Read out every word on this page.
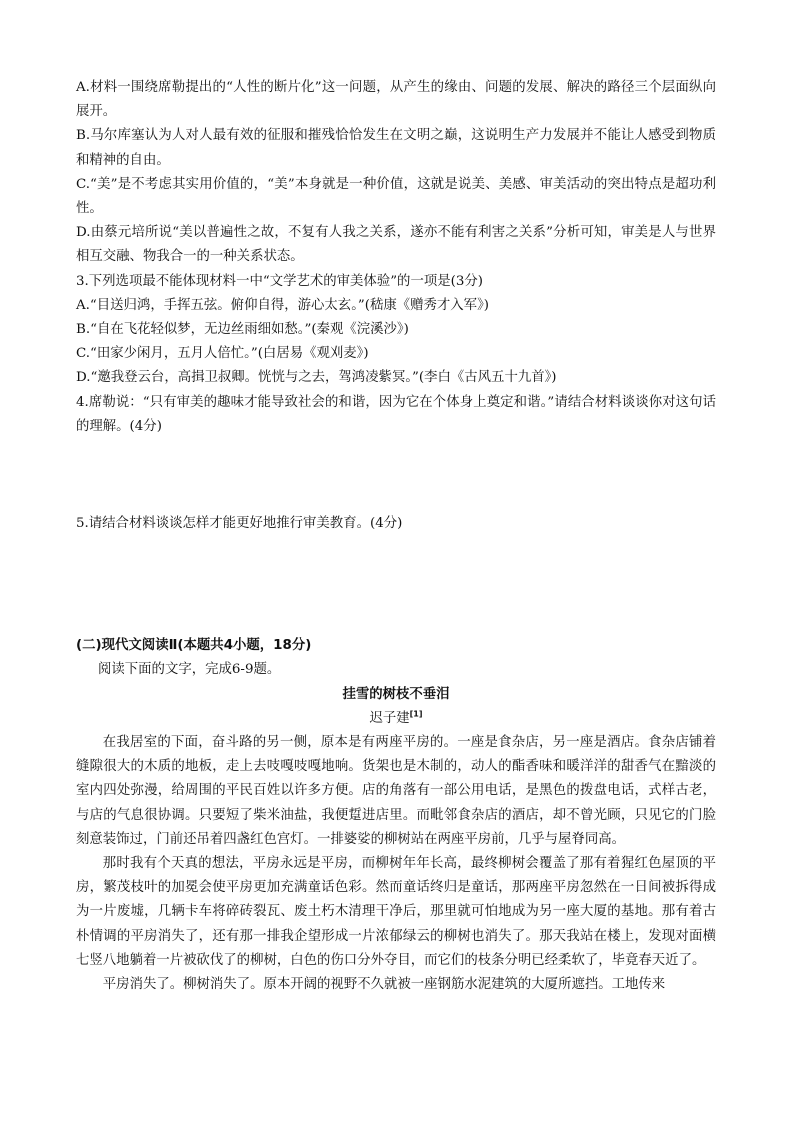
A.材料一围绕席勒提出的“人性的断片化”这一问题，从产生的缘由、问题的发展、解决的路径三个层面纵向展开。

B.马尔库塞认为人对人最有效的征服和摧残恰恰发生在文明之巅，这说明生产力发展并不能让人感受到物质和精神的自由。

C.“美”是不考虑其实用价值的，“美”本身就是一种价值，这就是说美、美感、审美活动的突出特点是超功利性。

D.由蔡元培所说“美以普遍性之故，不复有人我之关系，遂亦不能有利害之关系”分析可知，审美是人与世界相互交融、物我合一的一种关系状态。

3.下列选项最不能体现材料一中“文学艺术的审美体验”的一项是(3分)

A.“目送归鸿，手挥五弦。俯仰自得，游心太玄。”(嵇康《赠秀才入军》)

B.“自在飞花轻似梦，无边丝雨细如愁。”(秦观《浣溪沙》)

C.“田家少闲月，五月人倍忙。”(白居易《观刈麦》)

D.“邀我登云台，高揖卫叔卿。恍恍与之去，驾鸿凌紫冥。”(李白《古风五十九首》)

4.席勒说：“只有审美的趣味才能导致社会的和谐，因为它在个体身上奠定和谐。”请结合材料谈谈你对这句话的理解。(4分)

5.请结合材料谈谈怎样才能更好地推行审美教育。(4分)

(二)现代文阅读Ⅱ(本题共4小题，18分)

阅读下面的文字，完成6-9题。

挂雪的树枝不垂泪

迟子建[1]

在我居室的下面，奋斗路的另一侧，原本是有两座平房的。一座是食杂店，另一座是酒店。食杂店铺着缝隙很大的木质的地板，走上去吱嘎吱嘎地响。货架也是木制的，动人的酯香味和暖洋洋的甜香气在黯淡的室内四处弥漫，给周围的平民百姓以许多方便。店的角落有一部公用电话，是黑色的拨盘电话，式样古老，与店的气息很协调。只要短了柴米油盐，我便踅进店里。而毗邻食杂店的酒店，却不曾光顾，只见它的门脸刻意装饰过，门前还吊着四盏红色宫灯。一排婆娑的柳树站在两座平房前，几乎与屋脊同高。

那时我有个天真的想法，平房永远是平房，而柳树年年长高，最终柳树会覆盖了那有着猩红色屋顶的平房，繁茂枝叶的加冕会使平房更加充满童话色彩。然而童话终归是童话，那两座平房忽然在一日间被拆得成为一片废墟，几辆卡车将碎砖裂瓦、废土朽木清理干净后，那里就可怕地成为另一座大厦的基地。那有着古朴情调的平房消失了，还有那一排我企望形成一片浓郁绿云的柳树也消失了。那天我站在楼上，发现对面横七竖八地躺着一片被砍伐了的柳树，白色的伤口分外夺目，而它们的枝条分明已经柔软了，毕竟春天近了。

平房消失了。柳树消失了。原本开阔的视野不久就被一座钢筋水泥建筑的大厦所遮挡。工地传来
